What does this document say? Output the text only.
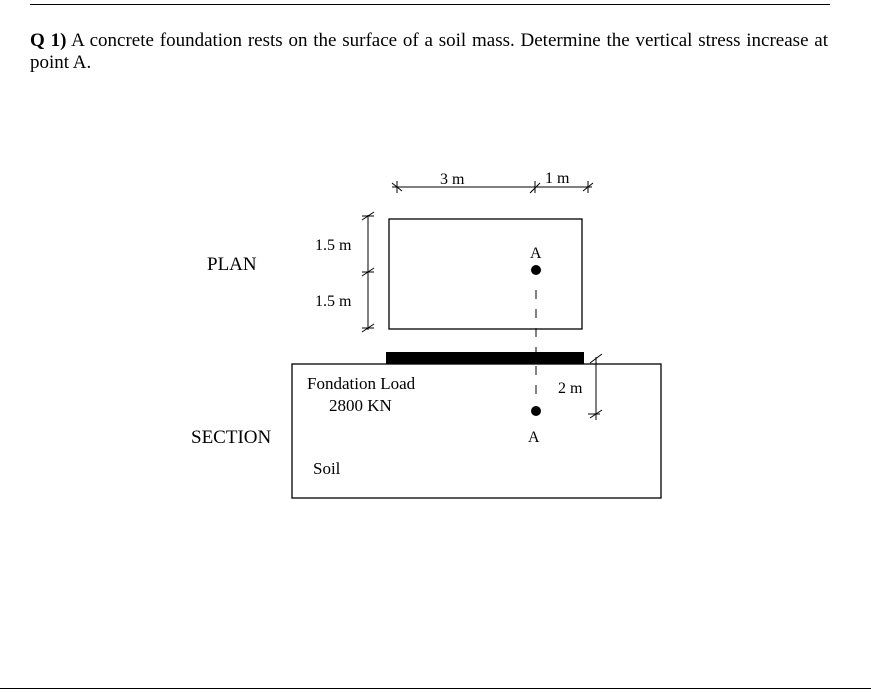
Q 1) A concrete foundation rests on the surface of a soil mass. Determine the vertical stress increase at point A.
PLAN
3 m	1 m
1.5 m
1.5 m
A
SECTION
Fondation Load
2800 KN
2 m
A
Soil
